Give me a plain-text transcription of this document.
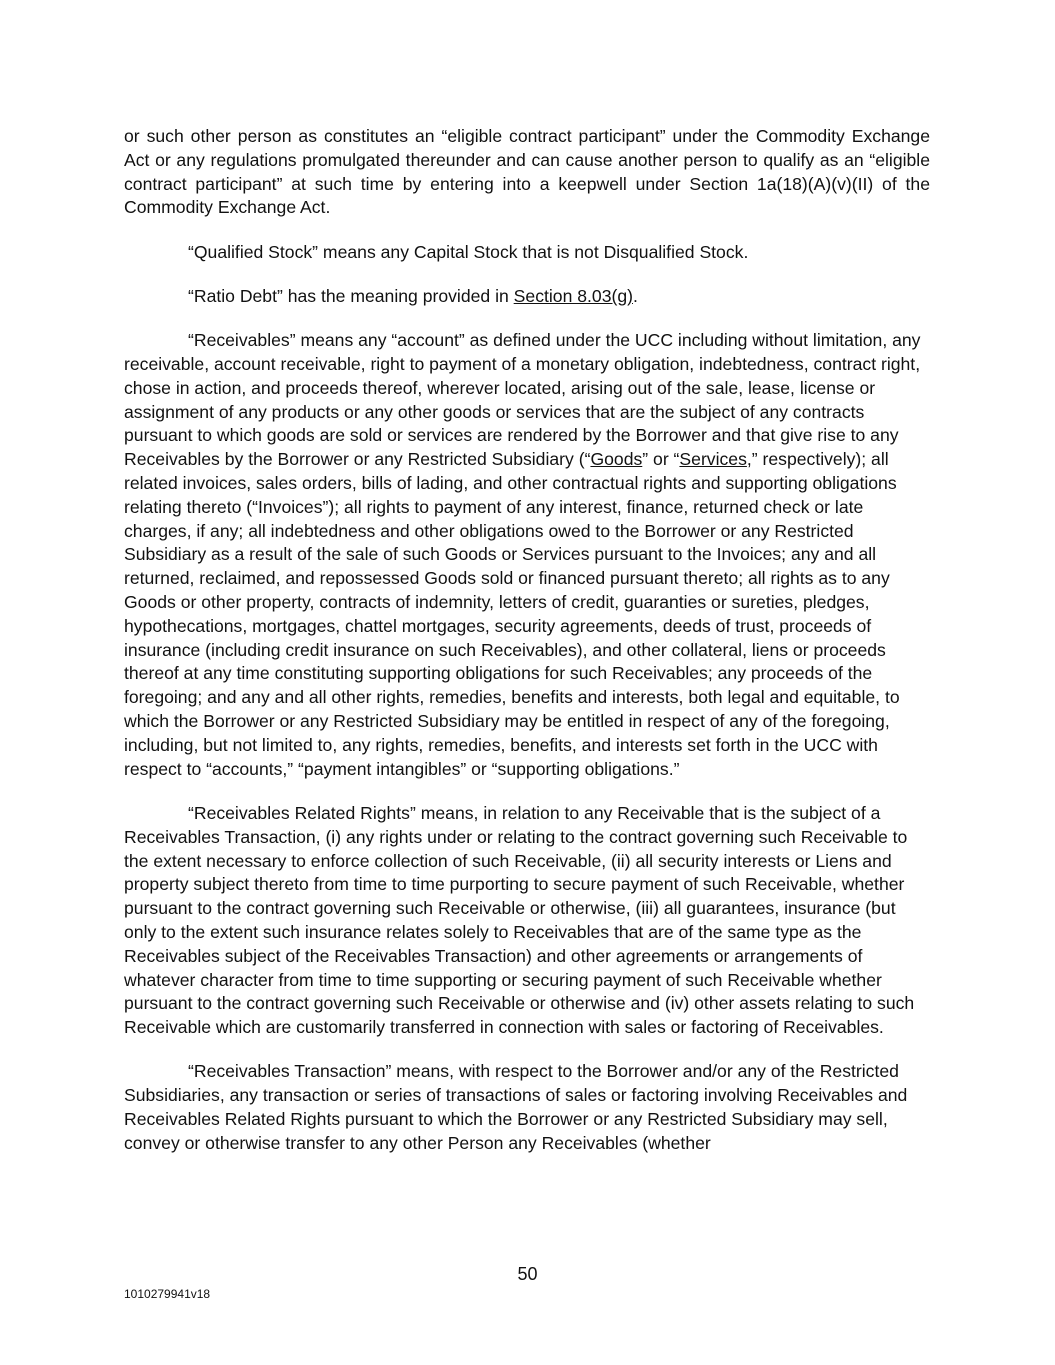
or such other person as constitutes an “eligible contract participant” under the Commodity Exchange Act or any regulations promulgated thereunder and can cause another person to qualify as an “eligible contract participant” at such time by entering into a keepwell under Section 1a(18)(A)(v)(II) of the Commodity Exchange Act.

“Qualified Stock” means any Capital Stock that is not Disqualified Stock.

“Ratio Debt” has the meaning provided in Section 8.03(g).

“Receivables” means any “account” as defined under the UCC including without limitation, any receivable, account receivable, right to payment of a monetary obligation, indebtedness, contract right, chose in action, and proceeds thereof, wherever located, arising out of the sale, lease, license or assignment of any products or any other goods or services that are the subject of any contracts pursuant to which goods are sold or services are rendered by the Borrower and that give rise to any Receivables by the Borrower or any Restricted Subsidiary (“Goods” or “Services,” respectively); all related invoices, sales orders, bills of lading, and other contractual rights and supporting obligations relating thereto (“Invoices”); all rights to payment of any interest, finance, returned check or late charges, if any; all indebtedness and other obligations owed to the Borrower or any Restricted Subsidiary as a result of the sale of such Goods or Services pursuant to the Invoices; any and all returned, reclaimed, and repossessed Goods sold or financed pursuant thereto; all rights as to any Goods or other property, contracts of indemnity, letters of credit, guaranties or sureties, pledges, hypothecations, mortgages, chattel mortgages, security agreements, deeds of trust, proceeds of insurance (including credit insurance on such Receivables), and other collateral, liens or proceeds thereof at any time constituting supporting obligations for such Receivables; any proceeds of the foregoing; and any and all other rights, remedies, benefits and interests, both legal and equitable, to which the Borrower or any Restricted Subsidiary may be entitled in respect of any of the foregoing, including, but not limited to, any rights, remedies, benefits, and interests set forth in the UCC with respect to “accounts,” “payment intangibles” or “supporting obligations.”

“Receivables Related Rights” means, in relation to any Receivable that is the subject of a Receivables Transaction, (i) any rights under or relating to the contract governing such Receivable to the extent necessary to enforce collection of such Receivable, (ii) all security interests or Liens and property subject thereto from time to time purporting to secure payment of such Receivable, whether pursuant to the contract governing such Receivable or otherwise, (iii) all guarantees, insurance (but only to the extent such insurance relates solely to Receivables that are of the same type as the Receivables subject of the Receivables Transaction) and other agreements or arrangements of whatever character from time to time supporting or securing payment of such Receivable whether pursuant to the contract governing such Receivable or otherwise and (iv) other assets relating to such Receivable which are customarily transferred in connection with sales or factoring of Receivables.

“Receivables Transaction” means, with respect to the Borrower and/or any of the Restricted Subsidiaries, any transaction or series of transactions of sales or factoring involving Receivables and Receivables Related Rights pursuant to which the Borrower or any Restricted Subsidiary may sell, convey or otherwise transfer to any other Person any Receivables (whether

50
1010279941v18
